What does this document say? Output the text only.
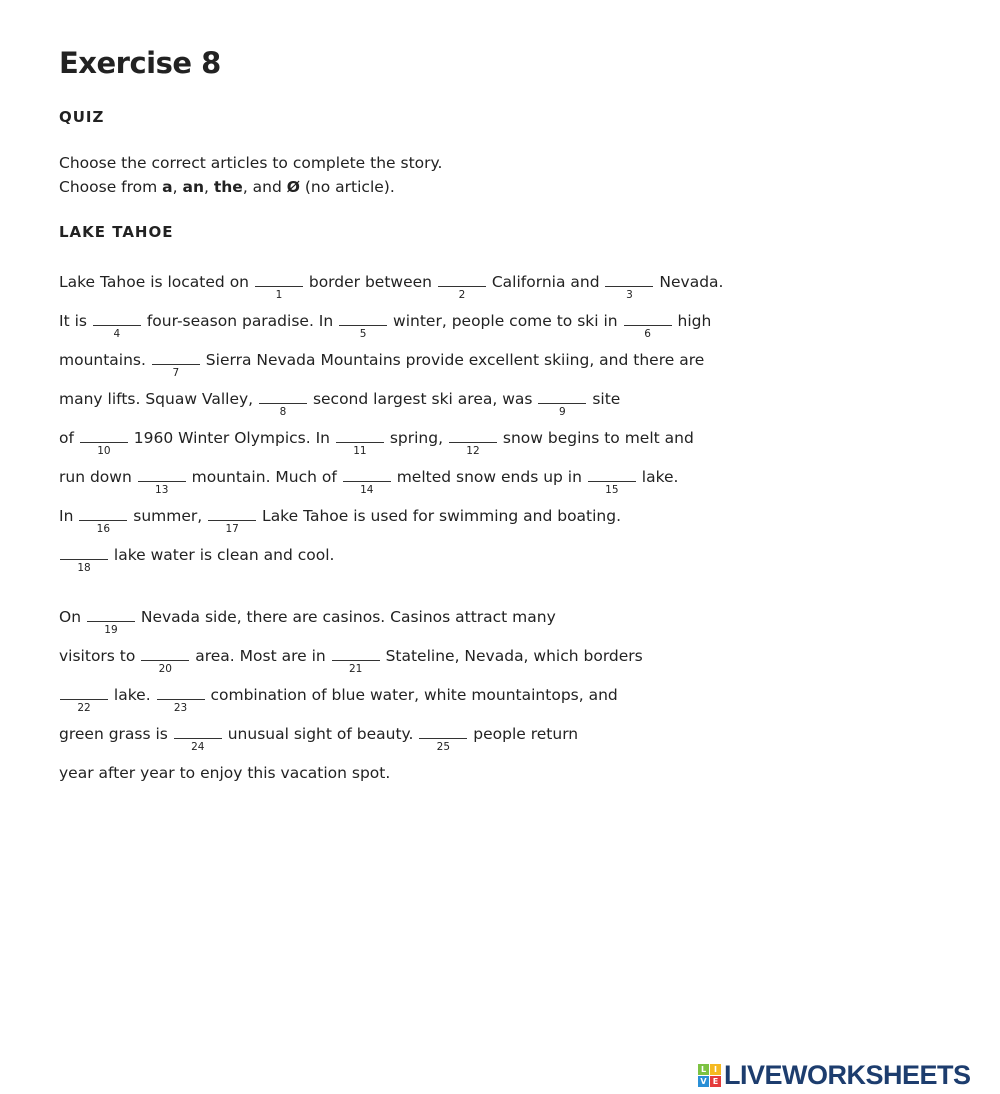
Exercise 8
QUIZ
Choose the correct articles to complete the story.
Choose from a, an, the, and Ø (no article).
LAKE TAHOE
Lake Tahoe is located on
1
border between
2
California and
3
Nevada.
It is
4
four-season paradise. In
5
winter, people come to ski in
6
high
mountains.
7
Sierra Nevada Mountains provide excellent skiing, and there are
many lifts. Squaw Valley,
8
second largest ski area, was
9
site
of
10
1960 Winter Olympics. In
11
spring,
12
snow begins to melt and
run down
13
mountain. Much of
14
melted snow ends up in
15
lake.
In
16
summer,
17
Lake Tahoe is used for swimming and boating.
18
lake water is clean and cool.
On
19
Nevada side, there are casinos. Casinos attract many
visitors to
20
area. Most are in
21
Stateline, Nevada, which borders
22
lake.
23
combination of blue water, white mountaintops, and
green grass is
24
unusual sight of beauty.
25
people return
year after year to enjoy this vacation spot.
L I
V E LIVEWORKSHEETS
